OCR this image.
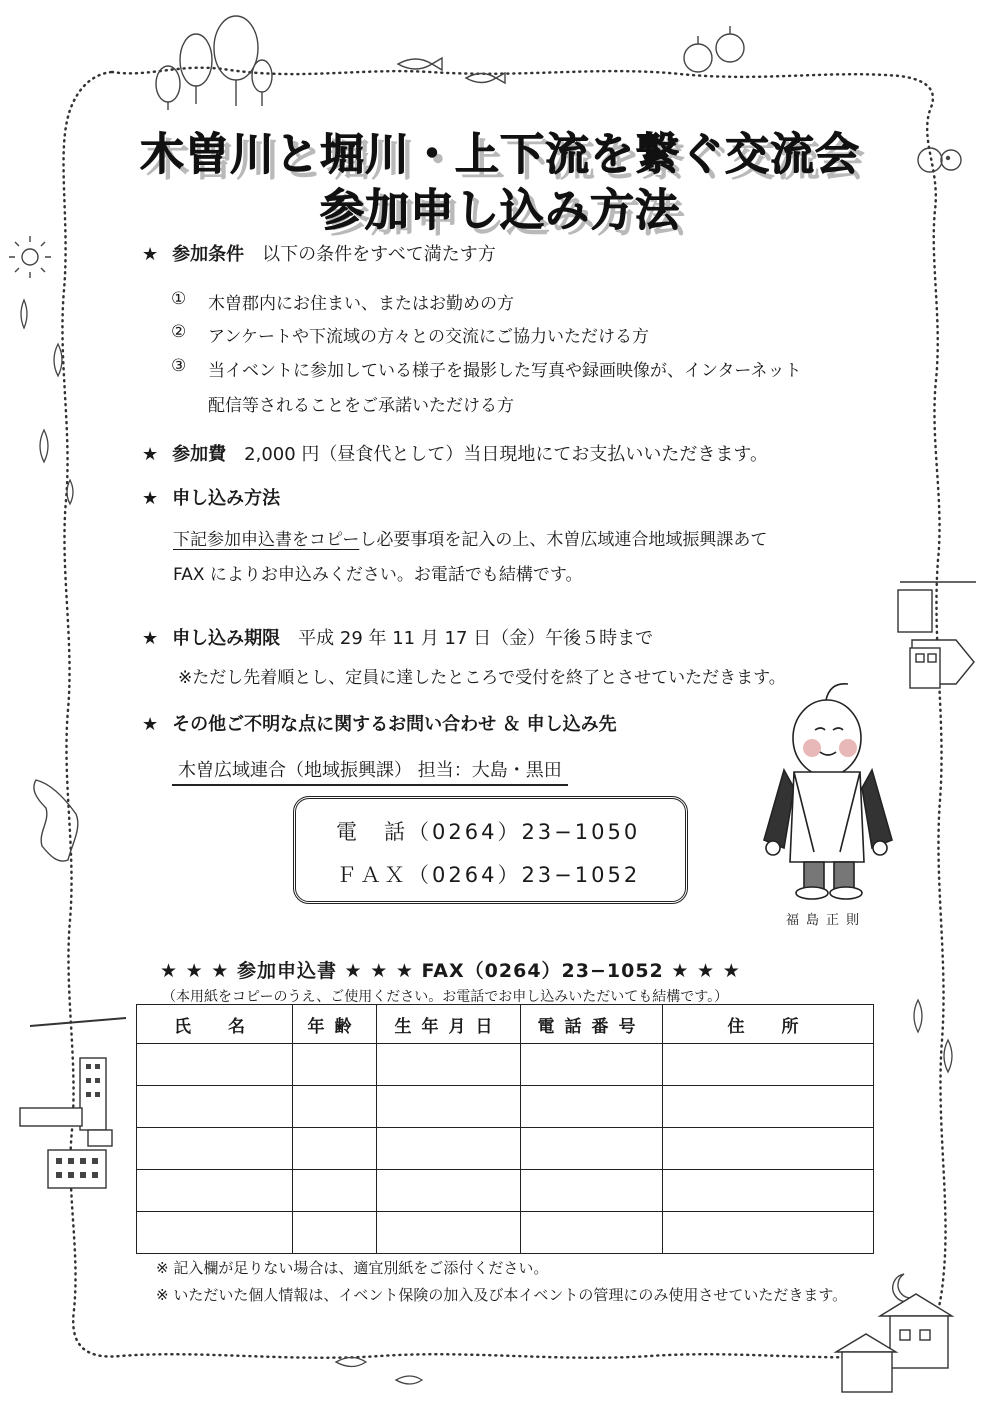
木曽川と堀川・上下流を繋ぐ交流会
参加申し込み方法
★ 参加条件 以下の条件をすべて満たす方
① 木曽郡内にお住まい、またはお勤めの方
② アンケートや下流域の方々との交流にご協力いただける方
③ 当イベントに参加している様子を撮影した写真や録画映像が、インターネット
配信等されることをご承諾いただける方
★ 参加費 2,000 円（昼食代として）当日現地にてお支払いいただきます。
★ 申し込み方法
下記参加申込書をコピーし必要事項を記入の上、木曽広域連合地域振興課あて
FAX によりお申込みください。お電話でも結構です。
★ 申し込み期限 平成 29 年 11 月 17 日（金）午後５時まで
※ただし先着順とし、定員に達したところで受付を終了とさせていただきます。
★ その他ご不明な点に関するお問い合わせ ＆ 申し込み先
木曽広域連合（地域振興課） 担当：大島・黒田
電　話（0264）23−1050
ＦＡＸ（0264）23−1052
福島正則
★ ★ ★ 参加申込書 ★ ★ ★ FAX（0264）23−1052 ★ ★ ★
（本用紙をコピーのうえ、ご使用ください。お電話でお申し込みいただいても結構です。）
氏　名	年齢	生年月日	電話番号	住　所

※ 記入欄が足りない場合は、適宜別紙をご添付ください。
※ いただいた個人情報は、イベント保険の加入及び本イベントの管理にのみ使用させていただきます。
